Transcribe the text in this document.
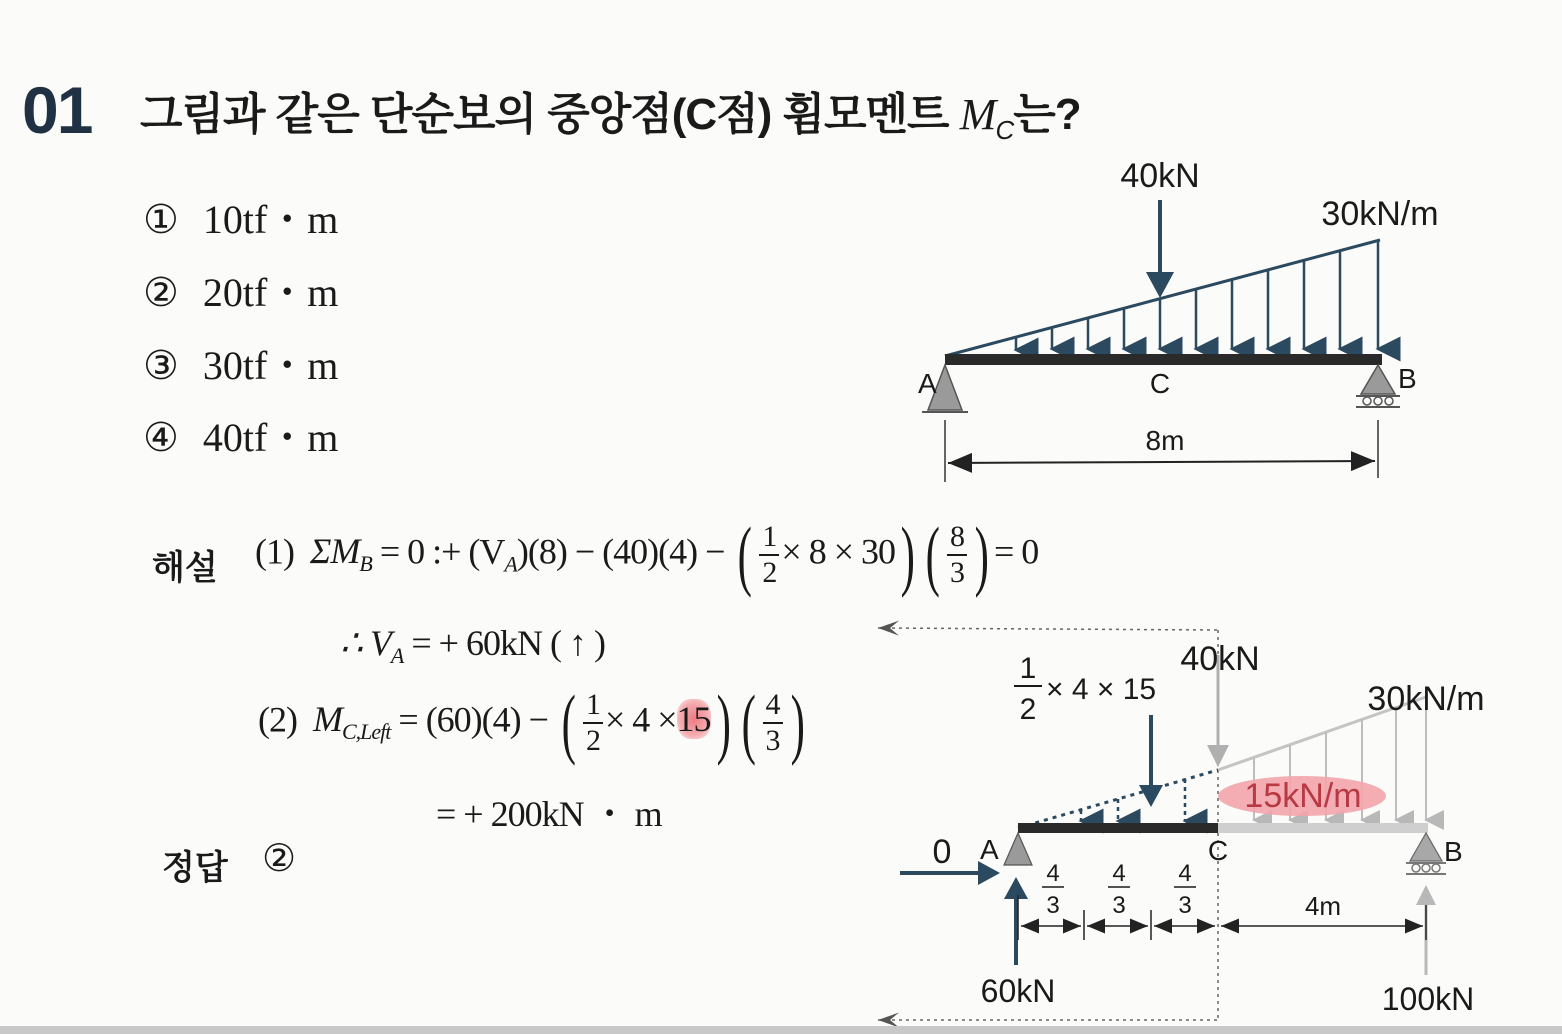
01 그림과 같은 단순보의 중앙점(C점) 휨모멘트 $M_C$는?
① 10tf・m
② 20tf・m
③ 30tf・m
④ 40tf・m
40kN
30kN/m
A	C	B
8m
해설 (1) $\Sigma M_B = 0$ :+ $(V_A)(8) - (40)(4)$ − ( $\frac{1}{2} \times 8 \times 30$) ( $\frac{8}{3}$ ) = 0
∴ $V_A$ = + 60kN ( ↑ )
(2) $M_{C,Left} = (60)(4)$ − ( $\frac{1}{2} \times 4 \times 15$) ( $\frac{4}{3}$ )
= + 200kN ・ m
정답 ②	0 A	C	B
1
2
× 4 × 15
40kN
30kN/m
15kN/m
4
3
4
3
4
3	4m
60kN	100kN
